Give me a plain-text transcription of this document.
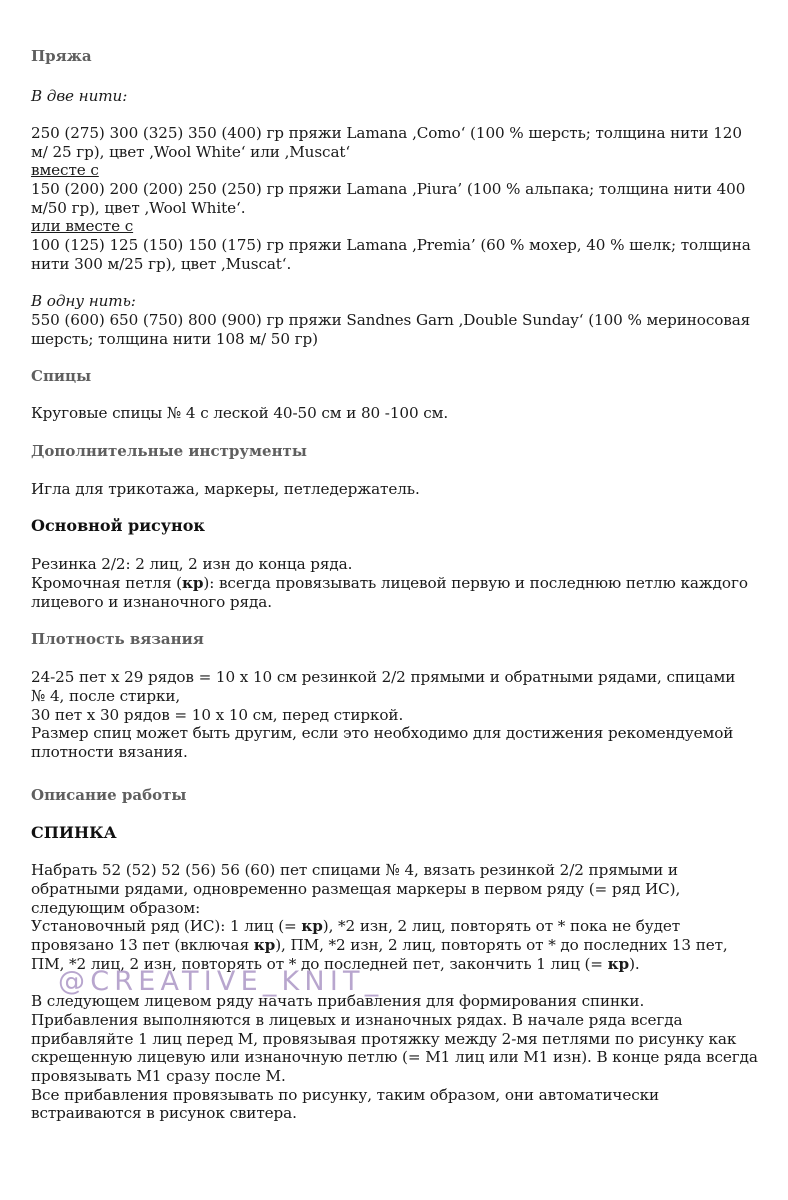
Пряжа
В две нити:
250 (275) 300 (325) 350 (400) гр пряжи Lamana ‚Como‘ (100 % шерсть; толщина нити 120
м/ 25 гр), цвет ‚Wool White‘ или ‚Muscat‘
вместе с
150 (200) 200 (200) 250 (250) гр пряжи Lamana ‚Piura’ (100 % альпака; толщина нити 400
м/50 гр), цвет ‚Wool White‘.
или вместе с
100 (125) 125 (150) 150 (175) гр пряжи Lamana ‚Premia’ (60 % мохер, 40 % шелк; толщина
нити 300 м/25 гр), цвет ‚Muscat‘.
В одну нить:
550 (600) 650 (750) 800 (900) гр пряжи Sandnes Garn ‚Double Sunday‘ (100 % мериносовая
шерсть; толщина нити 108 м/ 50 гр)
Спицы
Круговые спицы № 4 с леской 40-50 см и 80 -100 см.
Дополнительные инструменты
Игла для трикотажа, маркеры, петледержатель.
Основной рисунок
Резинка 2/2: 2 лиц, 2 изн до конца ряда.
Кромочная петля (кр): всегда провязывать лицевой первую и последнюю петлю каждого
лицевого и изнаночного ряда.
Плотность вязания
24-25 пет х 29 рядов = 10 х 10 см резинкой 2/2 прямыми и обратными рядами, спицами
№ 4, после стирки,
30 пет х 30 рядов = 10 х 10 см, перед стиркой.
Размер спиц может быть другим, если это необходимо для достижения рекомендуемой
плотности вязания.
Описание работы
СПИНКА
Набрать 52 (52) 52 (56) 56 (60) пет спицами № 4, вязать резинкой 2/2 прямыми и
обратными рядами, одновременно размещая маркеры в первом ряду (= ряд ИС),
следующим образом:
Установочный ряд (ИС): 1 лиц (= кр), *2 изн, 2 лиц, повторять от * пока не будет
провязано 13 пет (включая кр), ПМ, *2 изн, 2 лиц, повторять от * до последних 13 пет,
ПМ, *2 лиц, 2 изн, повторять от * до последней пет, закончить 1 лиц (= кр).
В следующем лицевом ряду начать прибавления для формирования спинки.
Прибавления выполняются в лицевых и изнаночных рядах. В начале ряда всегда
прибавляйте 1 лиц перед М, провязывая протяжку между 2-мя петлями по рисунку как
скрещенную лицевую или изнаночную петлю (= М1 лиц или М1 изн). В конце ряда всегда
провязывать М1 сразу после М.
Все прибавления провязывать по рисунку, таким образом, они автоматически
встраиваются в рисунок свитера.
@CREATIVE_KNIT_
